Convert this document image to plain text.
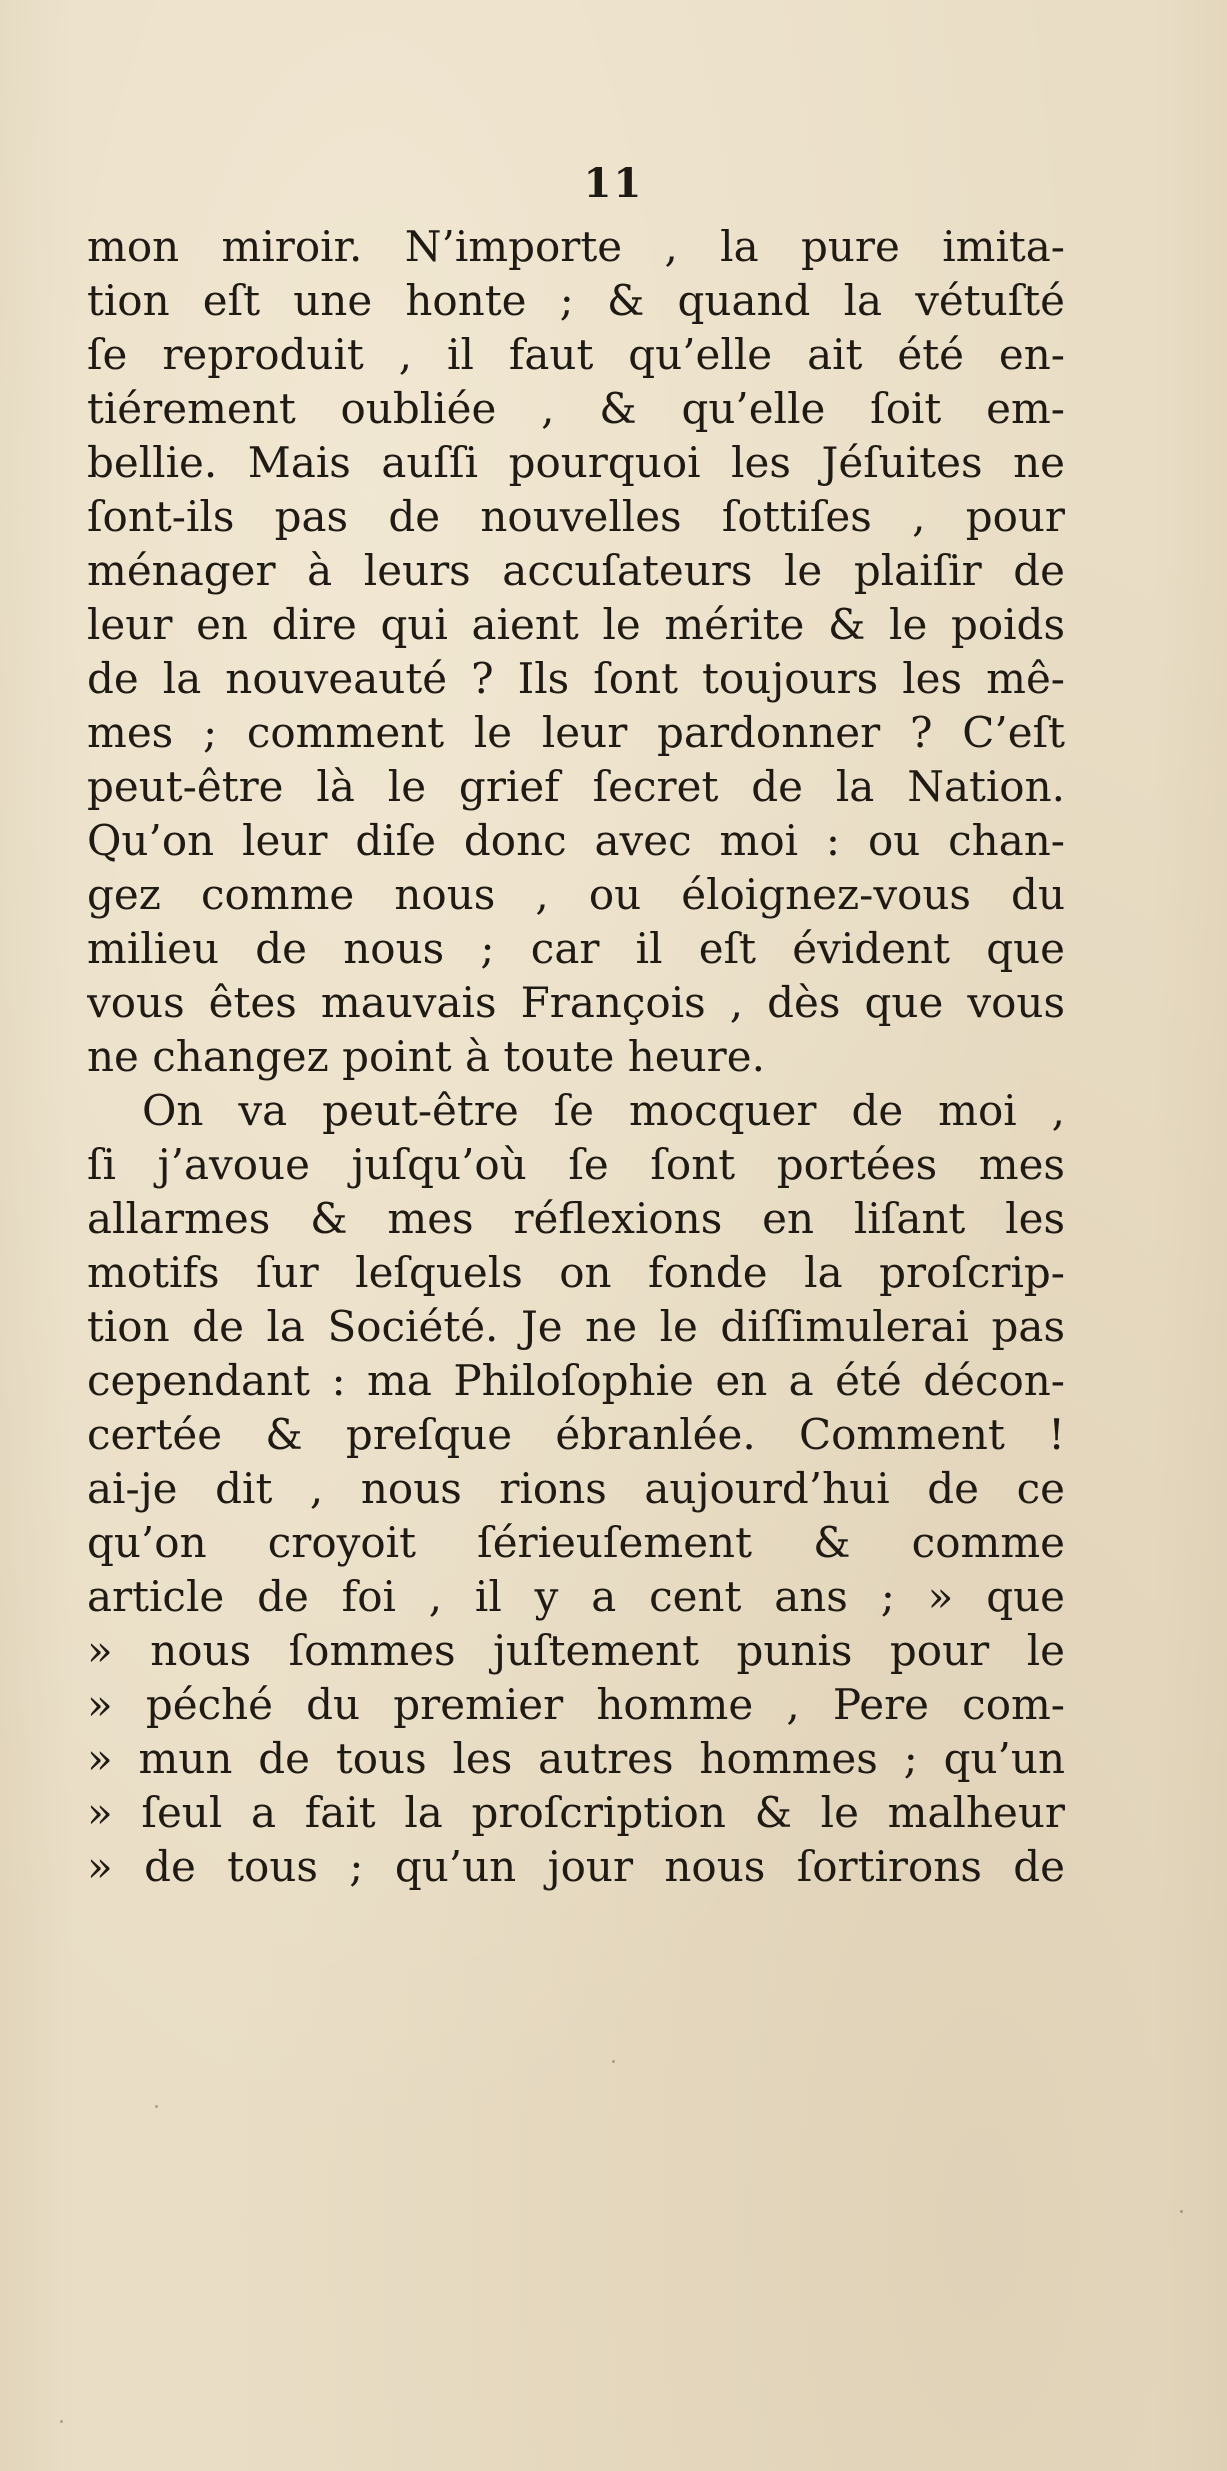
11
mon miroir. N’importe , la pure imita-
tion eſt une honte ; & quand la vétuſté
ſe reproduit , il faut qu’elle ait été en-
tiérement oubliée , & qu’elle ſoit em-
bellie. Mais auſſi pourquoi les Jéſuites ne
ſont-ils pas de nouvelles ſottiſes , pour
ménager à leurs accuſateurs le plaiſir de
leur en dire qui aient le mérite & le poids
de la nouveauté ? Ils ſont toujours les mê-
mes ; comment le leur pardonner ? C’eſt
peut-être là le grief ſecret de la Nation.
Qu’on leur diſe donc avec moi : ou chan-
gez comme nous , ou éloignez-vous du
milieu de nous ; car il eſt évident que
vous êtes mauvais François , dès que vous
ne changez point à toute heure.
On va peut-être ſe mocquer de moi ,
ſi j’avoue juſqu’où ſe ſont portées mes
allarmes & mes réflexions en liſant les
motifs ſur leſquels on fonde la proſcrip-
tion de la Société. Je ne le diſſimulerai pas
cependant : ma Philoſophie en a été décon-
certée & preſque ébranlée. Comment !
ai-je dit , nous rions aujourd’hui de ce
qu’on croyoit ſérieuſement & comme
article de foi , il y a cent ans ; » que
» nous ſommes juſtement punis pour le
» péché du premier homme , Pere com-
» mun de tous les autres hommes ; qu’un
» ſeul a fait la proſcription & le malheur
» de tous ; qu’un jour nous ſortirons de
